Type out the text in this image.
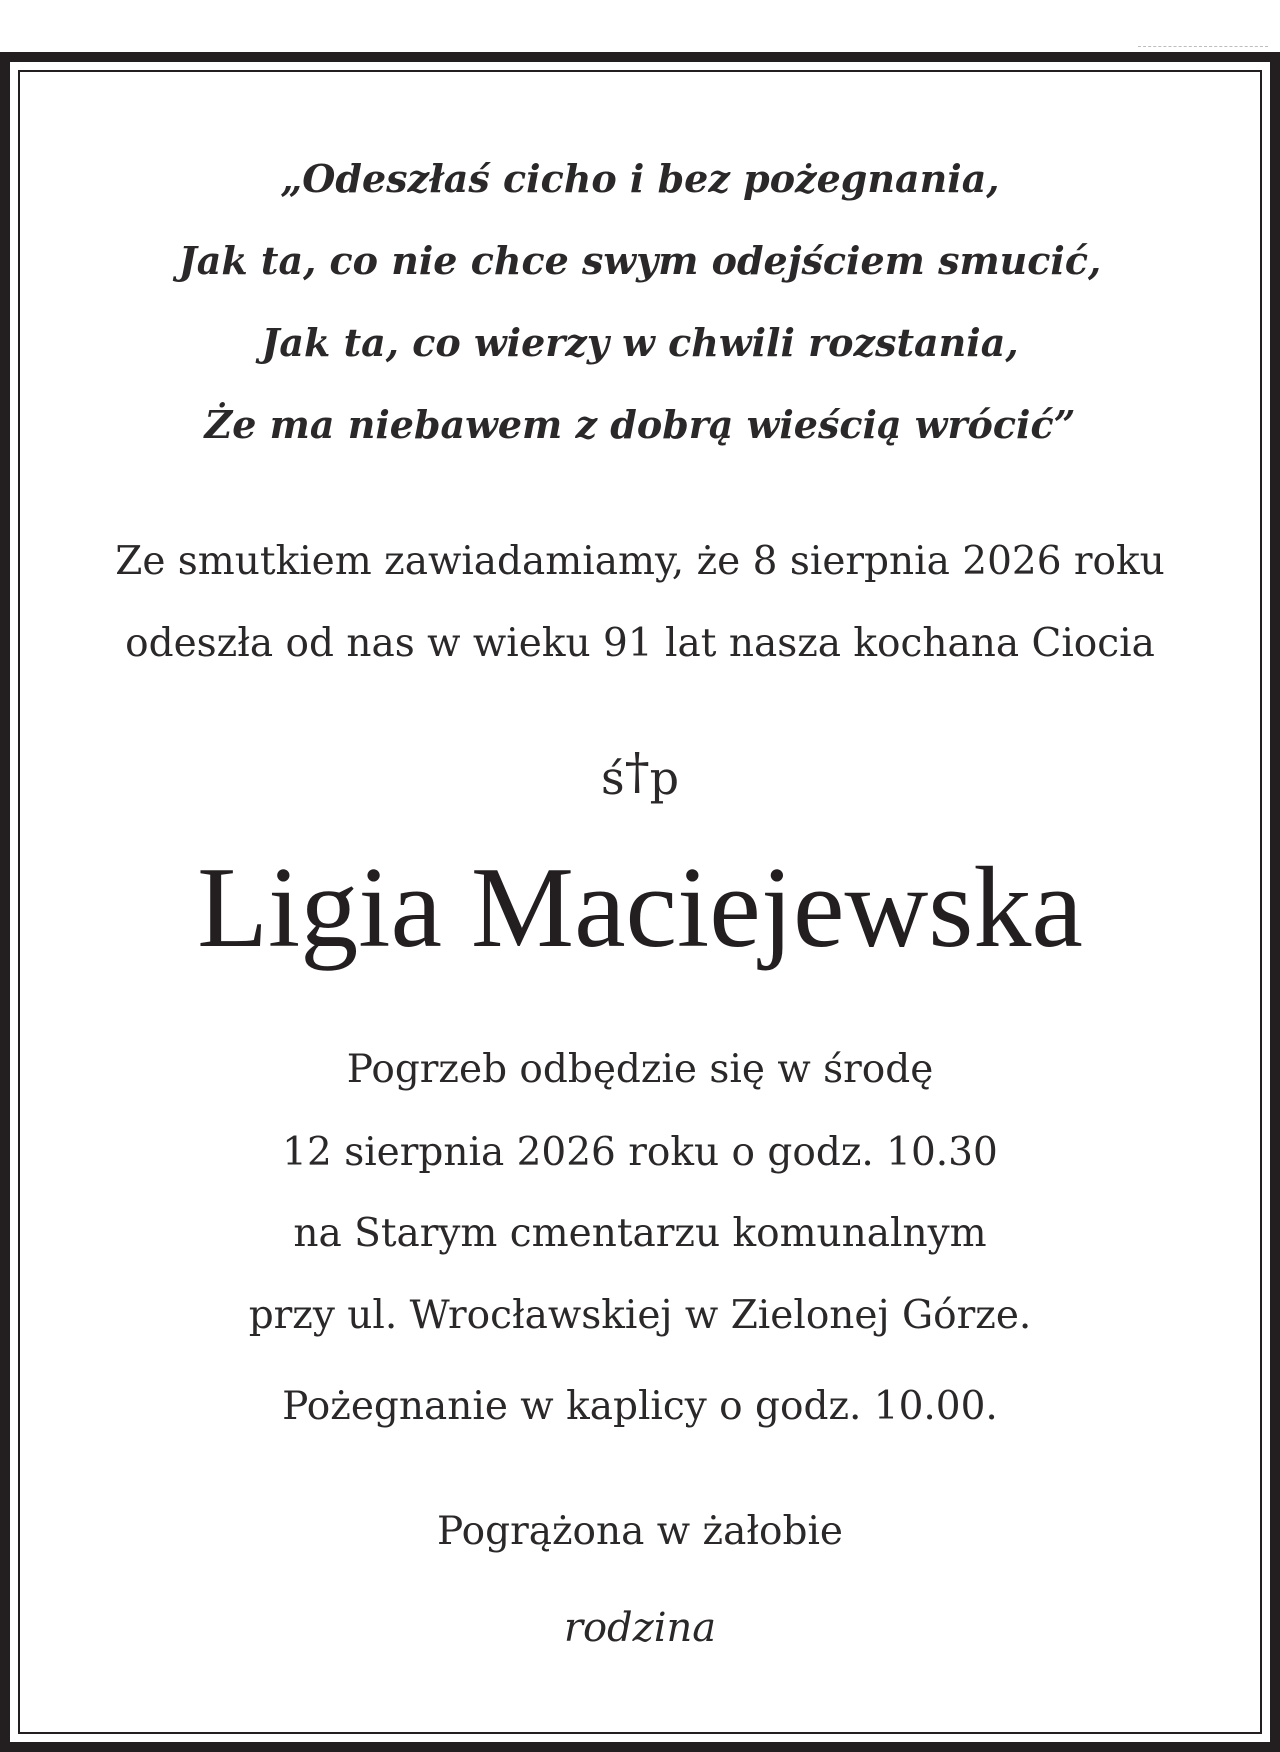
„Odeszłaś cicho i bez pożegnania,
Jak ta, co nie chce swym odejściem smucić,
Jak ta, co wierzy w chwili rozstania,
Że ma niebawem z dobrą wieścią wrócić”
Ze smutkiem zawiadamiamy, że 8 sierpnia 2026 roku
odeszła od nas w wieku 91 lat nasza kochana Ciocia
ś†p
Ligia Maciejewska
Pogrzeb odbędzie się w środę
12 sierpnia 2026 roku o godz. 10.30
na Starym cmentarzu komunalnym
przy ul. Wrocławskiej w Zielonej Górze.
Pożegnanie w kaplicy o godz. 10.00.
Pogrążona w żałobie
rodzina
